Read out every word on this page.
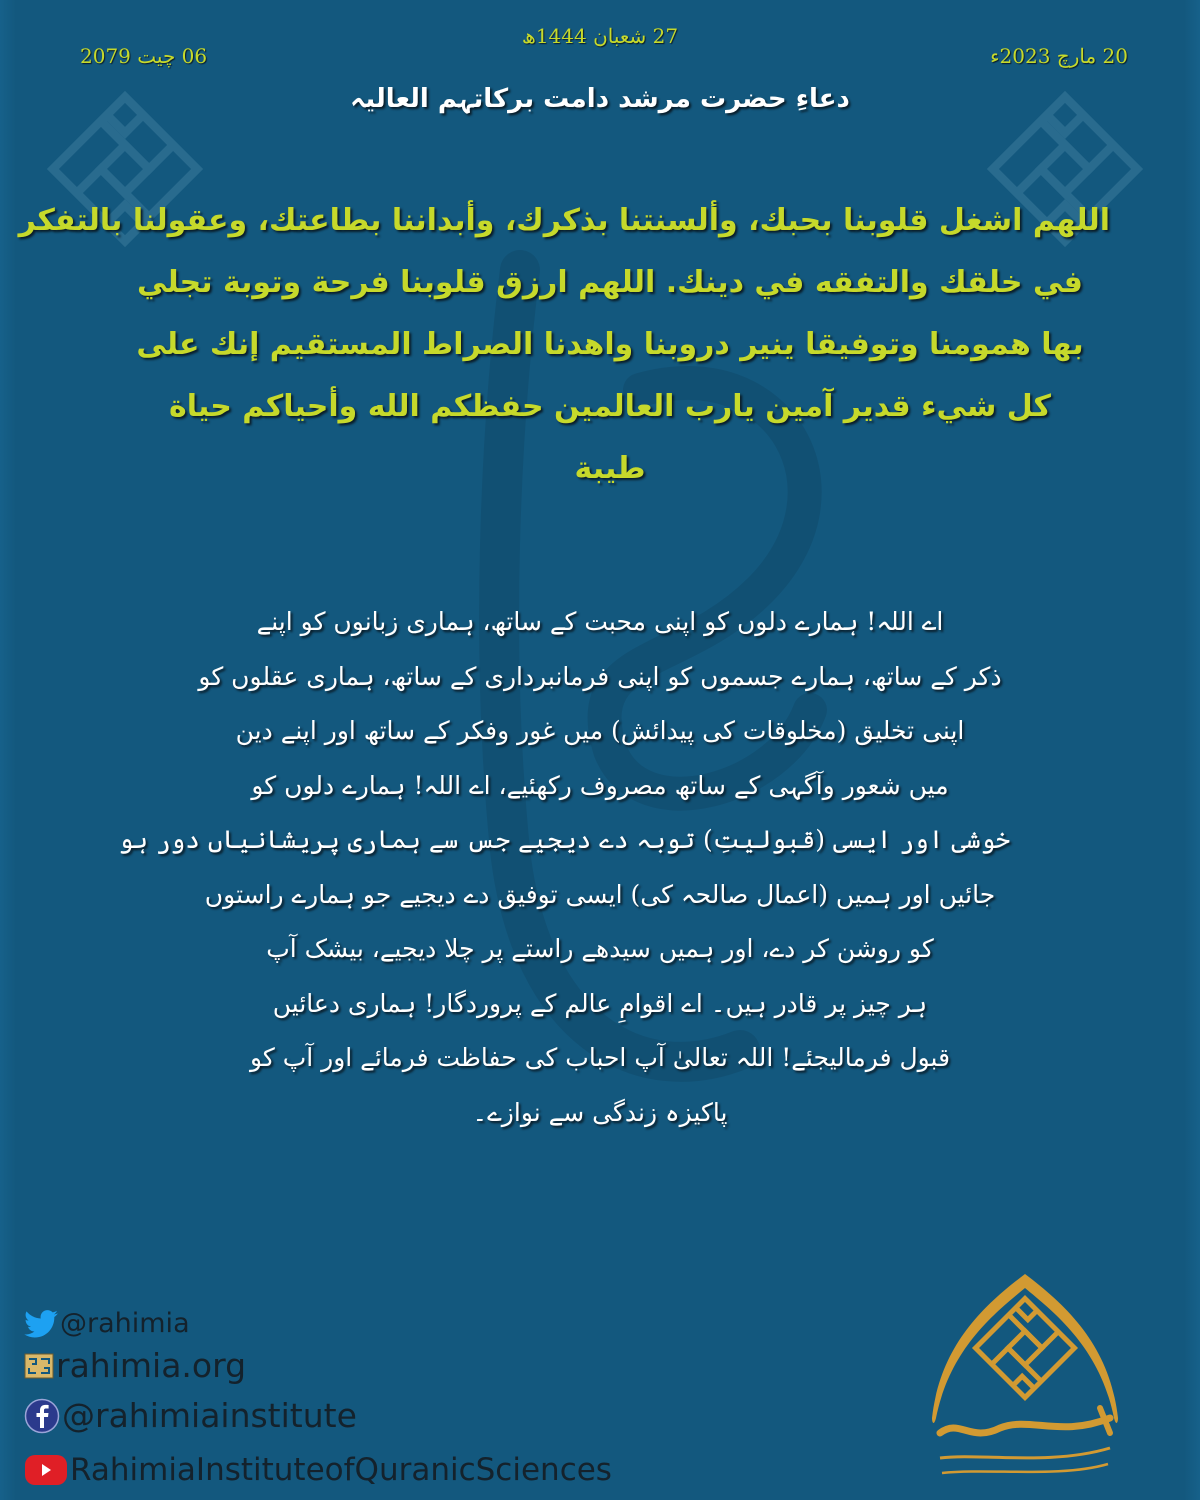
27 شعبان 1444ھ
06 چیت 2079	20 مارچ 2023ء
دعاءِ حضرت مرشد دامت برکاتہم العالیہ
اللهم اشغل قلوبنا بحبك، وألسنتنا بذكرك، وأبداننا بطاعتك، وعقولنا بالتفكر
في خلقك والتفقه في دينك. اللهم ارزق قلوبنا فرحة وتوبة تجلي
بها همومنا وتوفيقا ينير دروبنا واهدنا الصراط المستقيم إنك على
كل شيء قدير آمين يارب العالمين حفظكم الله وأحياكم حياة
طيبة
اے اللہ! ہمارے دلوں کو اپنی محبت کے ساتھ، ہماری زبانوں کو اپنے
ذکر کے ساتھ، ہمارے جسموں کو اپنی فرمانبرداری کے ساتھ، ہماری عقلوں کو
اپنی تخلیق (مخلوقات کی پیدائش) میں غور وفکر کے ساتھ اور اپنے دین
میں شعور وآگہی کے ساتھ مصروف رکھئیے، اے اللہ! ہمارے دلوں کو
خوشی اور ایسی (قبولیتِ) توبہ دے دیجیے جس سے ہماری پریشانیاں دور ہو
جائیں اور ہمیں (اعمال صالحہ کی) ایسی توفیق دے دیجیے جو ہمارے راستوں
کو روشن کر دے، اور ہمیں سیدھے راستے پر چلا دیجیے، بیشک آپ
ہر چیز پر قادر ہیں۔ اے اقوامِ عالم کے پروردگار! ہماری دعائیں
قبول فرمالیجئے! اللہ تعالیٰ آپ احباب کی حفاظت فرمائے اور آپ کو
پاکیزہ زندگی سے نوازے۔
@rahimia
rahimia.org
@rahimiainstitute
RahimiaInstituteofQuranicSciences
